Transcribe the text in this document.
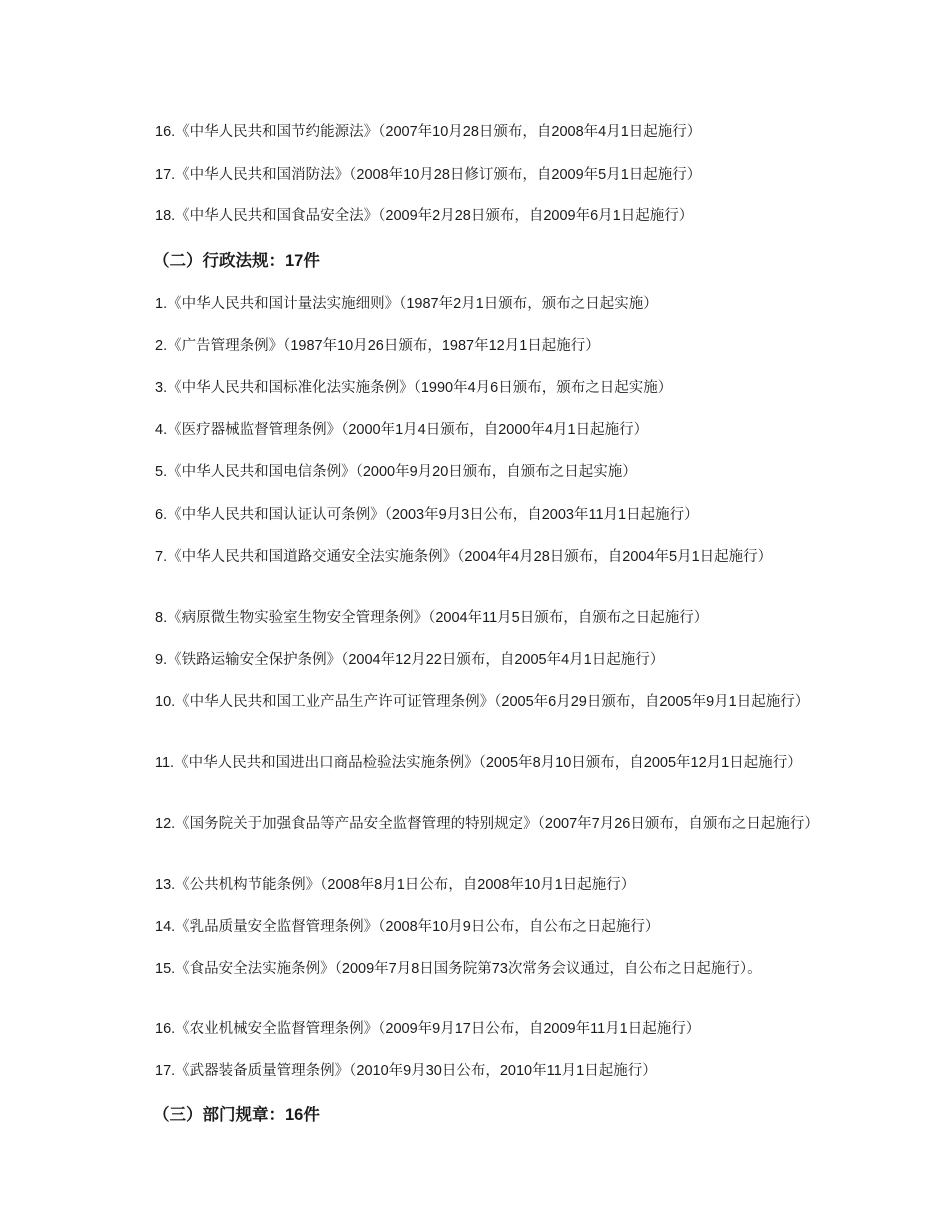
16.《中华人民共和国节约能源法》（2007年10月28日颁布，自2008年4月1日起施行）

17.《中华人民共和国消防法》（2008年10月28日修订颁布，自2009年5月1日起施行）

18.《中华人民共和国食品安全法》（2009年2月28日颁布，自2009年6月1日起施行）

（二）行政法规：17件

1.《中华人民共和国计量法实施细则》（1987年2月1日颁布，颁布之日起实施）

2.《广告管理条例》（1987年10月26日颁布，1987年12月1日起施行）

3.《中华人民共和国标准化法实施条例》（1990年4月6日颁布，颁布之日起实施）

4.《医疗器械监督管理条例》（2000年1月4日颁布，自2000年4月1日起施行）

5.《中华人民共和国电信条例》（2000年9月20日颁布，自颁布之日起实施）

6.《中华人民共和国认证认可条例》（2003年9月3日公布，自2003年11月1日起施行）

7.《中华人民共和国道路交通安全法实施条例》（2004年4月28日颁布，自2004年5月1日起施行）

8.《病原微生物实验室生物安全管理条例》（2004年11月5日颁布，自颁布之日起施行）

9.《铁路运输安全保护条例》（2004年12月22日颁布，自2005年4月1日起施行）

10.《中华人民共和国工业产品生产许可证管理条例》（2005年6月29日颁布，自2005年9月1日起施行）

11.《中华人民共和国进出口商品检验法实施条例》（2005年8月10日颁布，自2005年12月1日起施行）

12.《国务院关于加强食品等产品安全监督管理的特别规定》（2007年7月26日颁布，自颁布之日起施行）

13.《公共机构节能条例》（2008年8月1日公布，自2008年10月1日起施行）

14.《乳品质量安全监督管理条例》（2008年10月9日公布，自公布之日起施行）

15.《食品安全法实施条例》（2009年7月8日国务院第73次常务会议通过，自公布之日起施行）。

16.《农业机械安全监督管理条例》（2009年9月17日公布，自2009年11月1日起施行）

17.《武器装备质量管理条例》（2010年9月30日公布，2010年11月1日起施行）

（三）部门规章：16件
